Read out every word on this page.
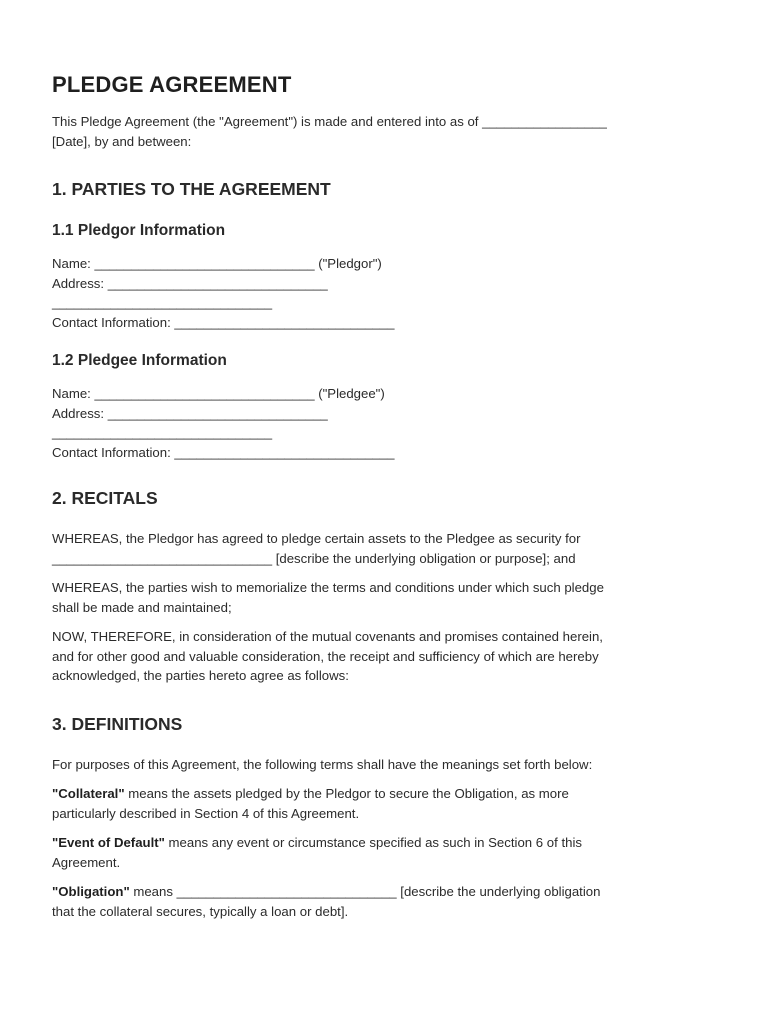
PLEDGE AGREEMENT

This Pledge Agreement (the "Agreement") is made and entered into as of _________________
[Date], by and between:

1. PARTIES TO THE AGREEMENT
1.1 Pledgor Information

Name: ______________________________ ("Pledgor")

Address: ______________________________

______________________________

Contact Information: ______________________________

1.2 Pledgee Information

Name: ______________________________ ("Pledgee")

Address: ______________________________

______________________________

Contact Information: ______________________________

2. RECITALS

WHEREAS, the Pledgor has agreed to pledge certain assets to the Pledgee as security for
______________________________ [describe the underlying obligation or purpose]; and

WHEREAS, the parties wish to memorialize the terms and conditions under which such pledge
shall be made and maintained;

NOW, THEREFORE, in consideration of the mutual covenants and promises contained herein,
and for other good and valuable consideration, the receipt and sufficiency of which are hereby
acknowledged, the parties hereto agree as follows:

3. DEFINITIONS

For purposes of this Agreement, the following terms shall have the meanings set forth below:

"Collateral" means the assets pledged by the Pledgor to secure the Obligation, as more
particularly described in Section 4 of this Agreement.

"Event of Default" means any event or circumstance specified as such in Section 6 of this
Agreement.

"Obligation" means ______________________________ [describe the underlying obligation
that the collateral secures, typically a loan or debt].
